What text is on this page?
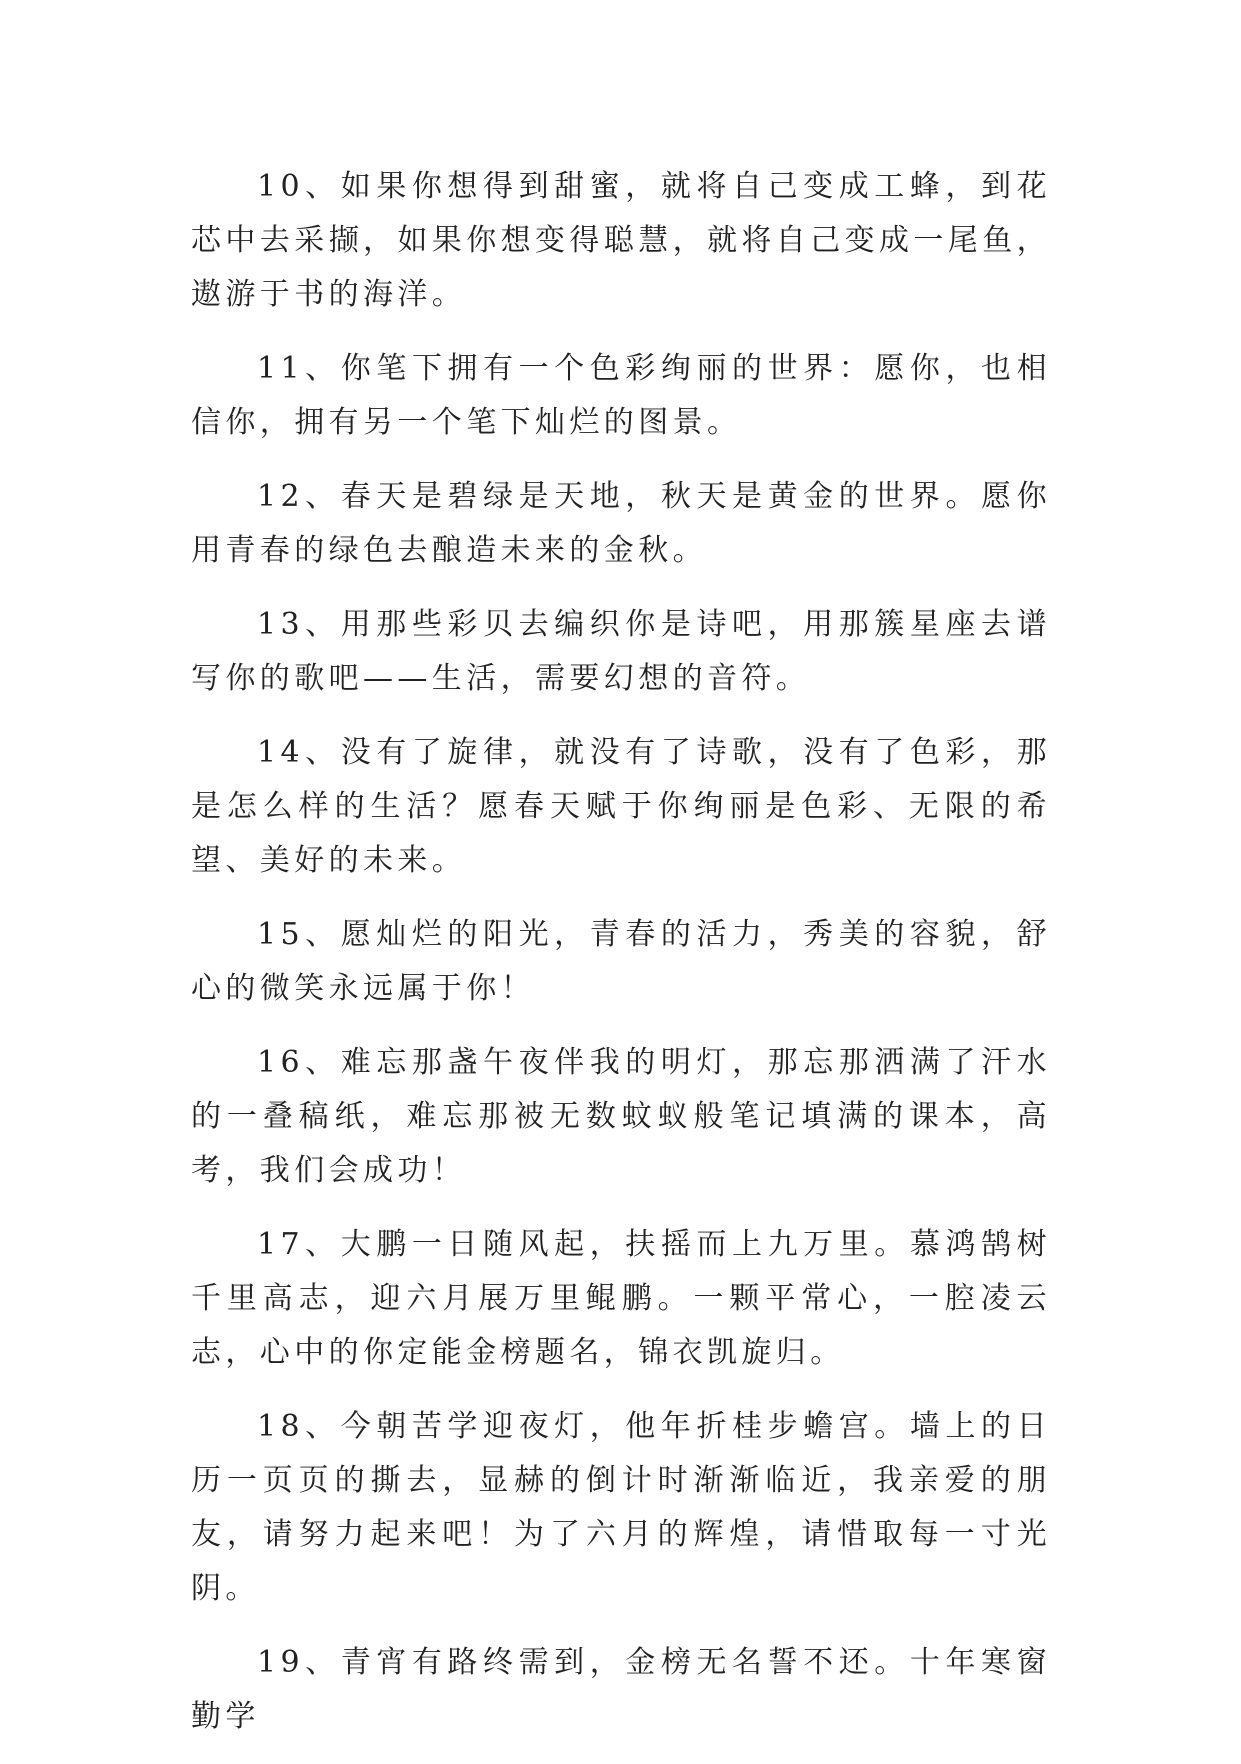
10、如果你想得到甜蜜，就将自己变成工蜂，到花芯中去采撷，如果你想变得聪慧，就将自己变成一尾鱼，遨游于书的海洋。

11、你笔下拥有一个色彩绚丽的世界：愿你，也相信你，拥有另一个笔下灿烂的图景。

12、春天是碧绿是天地，秋天是黄金的世界。愿你用青春的绿色去酿造未来的金秋。

13、用那些彩贝去编织你是诗吧，用那簇星座去谱写你的歌吧——生活，需要幻想的音符。

14、没有了旋律，就没有了诗歌，没有了色彩，那是怎么样的生活？愿春天赋于你绚丽是色彩、无限的希望、美好的未来。

15、愿灿烂的阳光，青春的活力，秀美的容貌，舒心的微笑永远属于你！

16、难忘那盏午夜伴我的明灯，那忘那洒满了汗水的一叠稿纸，难忘那被无数蚊蚁般笔记填满的课本，高考，我们会成功！

17、大鹏一日随风起，扶摇而上九万里。慕鸿鹄树千里高志，迎六月展万里鲲鹏。一颗平常心，一腔凌云志，心中的你定能金榜题名，锦衣凯旋归。

18、今朝苦学迎夜灯，他年折桂步蟾宫。墙上的日历一页页的撕去，显赫的倒计时渐渐临近，我亲爱的朋友，请努力起来吧！为了六月的辉煌，请惜取每一寸光阴。

19、青宵有路终需到，金榜无名誓不还。十年寒窗勤学
